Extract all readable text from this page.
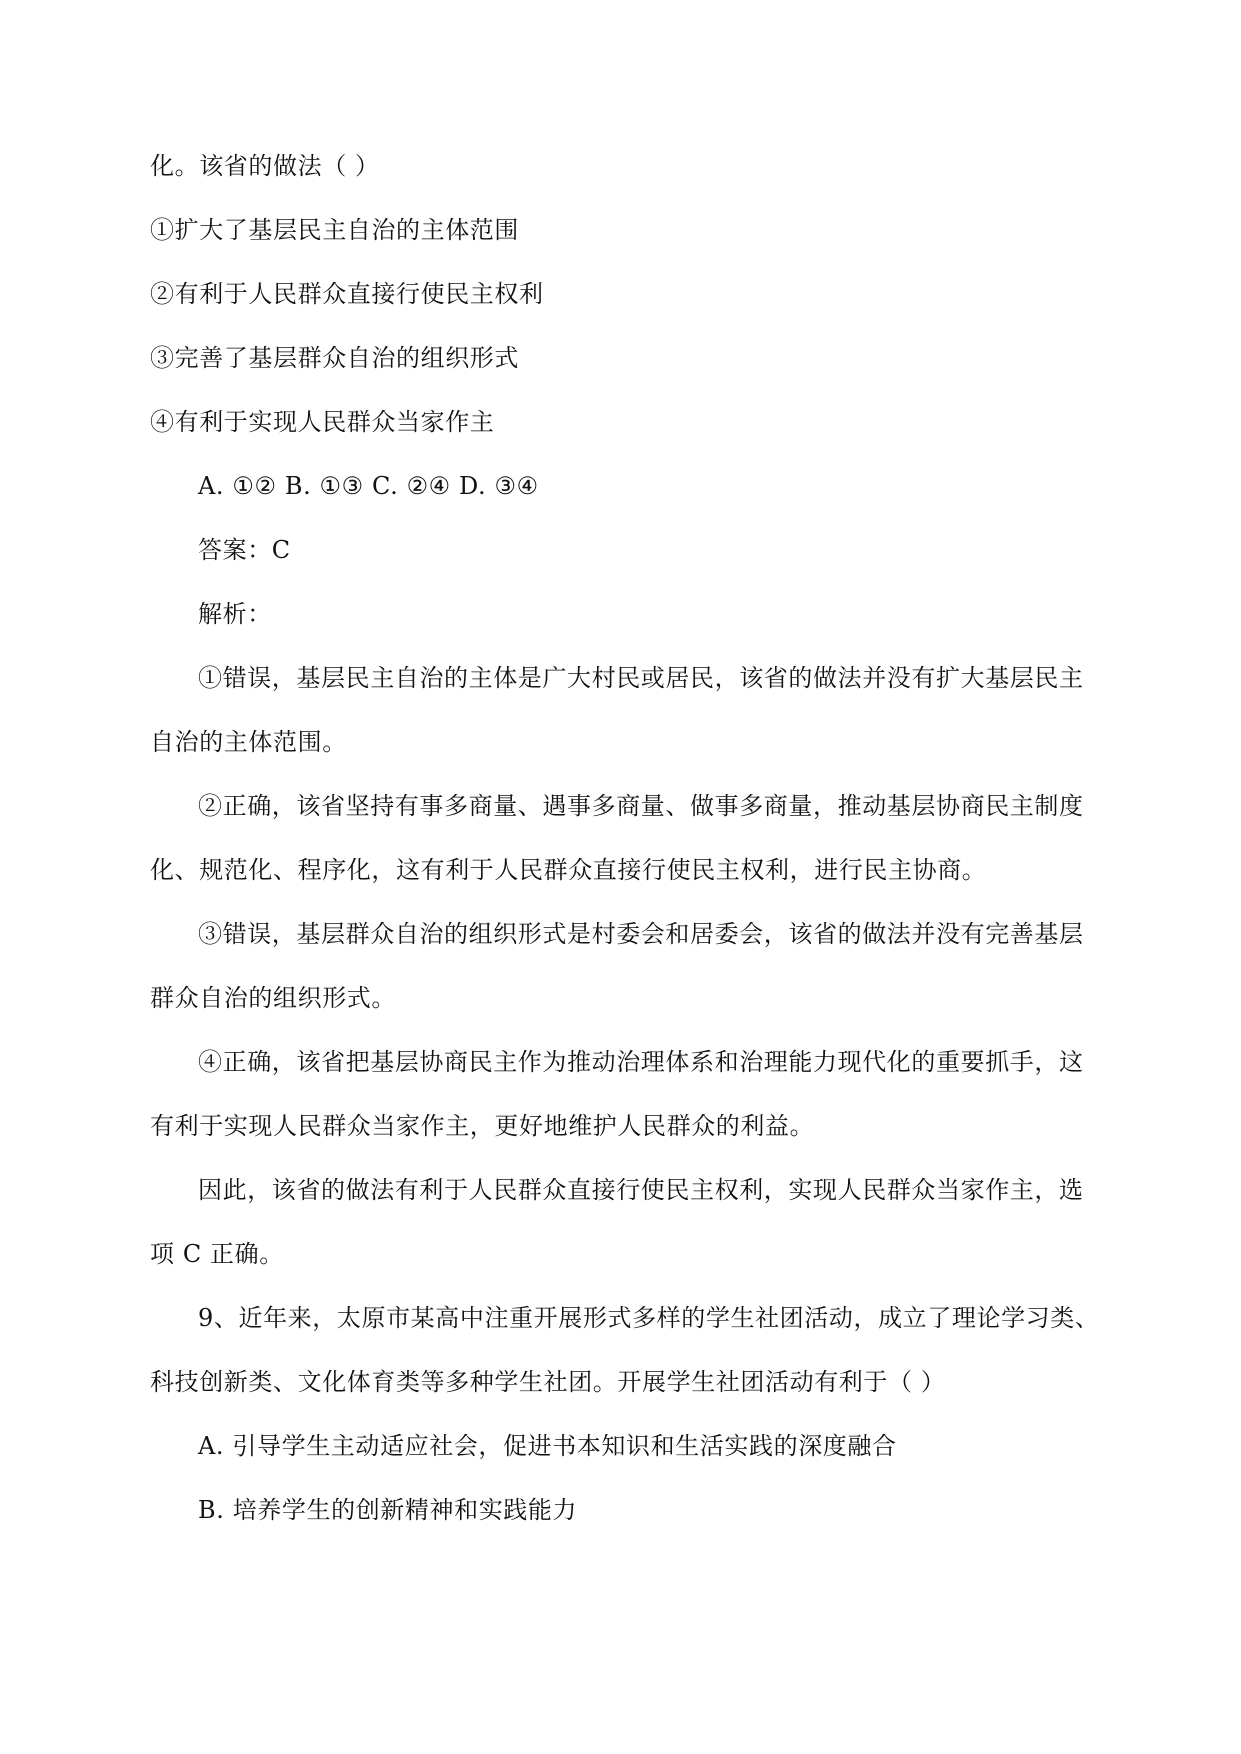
化。该省的做法（ ）
①扩大了基层民主自治的主体范围
②有利于人民群众直接行使民主权利
③完善了基层群众自治的组织形式
④有利于实现人民群众当家作主
A. ①② B. ①③ C. ②④ D. ③④
答案：C
解析：
①错误，基层民主自治的主体是广大村民或居民，该省的做法并没有扩大基层民主
自治的主体范围。
②正确，该省坚持有事多商量、遇事多商量、做事多商量，推动基层协商民主制度
化、规范化、程序化，这有利于人民群众直接行使民主权利，进行民主协商。
③错误，基层群众自治的组织形式是村委会和居委会，该省的做法并没有完善基层
群众自治的组织形式。
④正确，该省把基层协商民主作为推动治理体系和治理能力现代化的重要抓手，这
有利于实现人民群众当家作主，更好地维护人民群众的利益。
因此，该省的做法有利于人民群众直接行使民主权利，实现人民群众当家作主，选
项 C 正确。
9、近年来，太原市某高中注重开展形式多样的学生社团活动，成立了理论学习类、
科技创新类、文化体育类等多种学生社团。开展学生社团活动有利于（ ）
A. 引导学生主动适应社会，促进书本知识和生活实践的深度融合
B. 培养学生的创新精神和实践能力
